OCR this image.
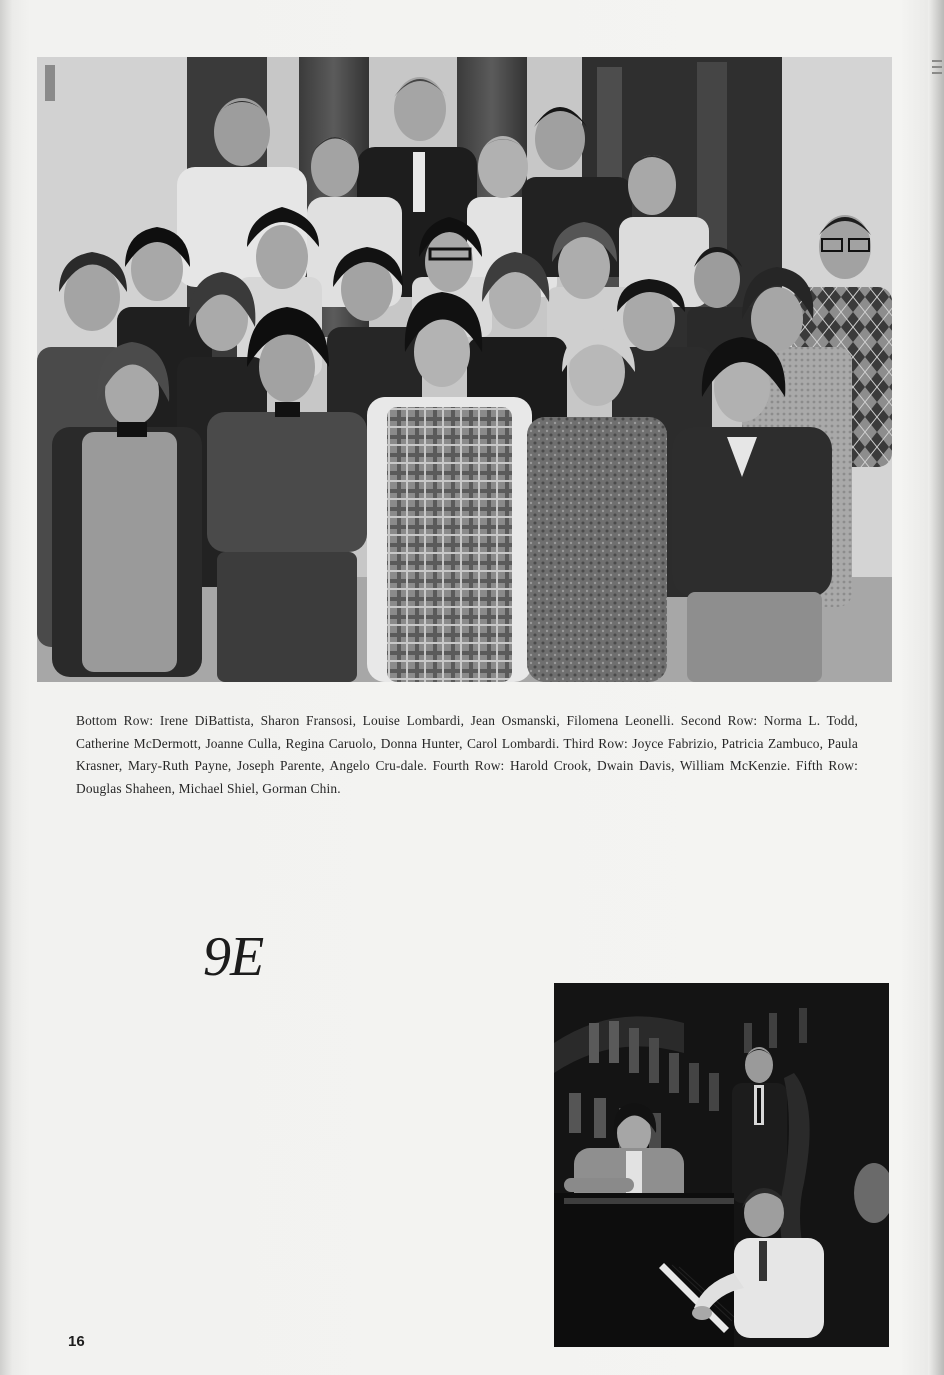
Bottom Row: Irene DiBattista, Sharon Fransosi, Louise Lombardi, Jean Osmanski, Filomena Leonelli. Second Row: Norma L. Todd, Catherine McDermott, Joanne Culla, Regina Caruolo, Donna Hunter, Carol Lombardi. Third Row: Joyce Fabrizio, Patricia Zambuco, Paula Krasner, Mary-Ruth Payne, Joseph Parente, Angelo Cru-dale. Fourth Row: Harold Crook, Dwain Davis, William McKenzie. Fifth Row: Douglas Shaheen, Michael Shiel, Gorman Chin.

9E
16
